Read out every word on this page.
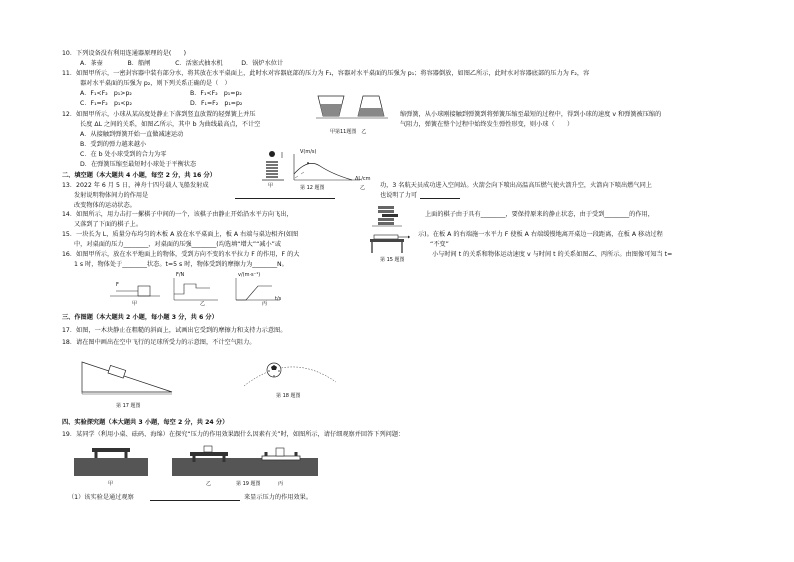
10．下列设备没有利用连通器原理的是(　　)
A．茶壶　　　　B．船闸　　　　C．活塞式抽水机　　　D．锅炉水位计
11．如图甲所示，一密封容器中装有部分水，将其放在水平桌面上，此时水对容器底部的压力为 F₁，容器对水平桌面的压强为 p₁；将容器倒放，如图乙所示，此时水对容器底部的压力为 F₂，容
器对水平桌面的压强为 p₂，则下列关系正确的是（　）
A．F₁<F₂　p₁>p₂	B．F₁<F₂　p₁=p₂
C．F₁=F₂　p₁<p₂	D．F₁=F₂　p₁=p₂
甲第11题图　乙
12．如图甲所示，小球从某高度处静止下落到竖直放置的轻弹簧上并压	缩弹簧，从小球刚接触到弹簧到将弹簧压缩至最短的过程中，得到小球的速度 v 和弹簧被压缩的
长度 ΔL 之间的关系，如图乙所示，其中 b 为曲线最高点，不计空	气阻力，弹簧在整个过程中始终发生弹性形变，则小球（　　）
A．从接触到弹簧开始一直做减速运动
B．受到的弹力越来越小
C．在 b 处小球受到的合力为零
D．在弹簧压缩至最短时小球处于平衡状态
甲
V(m/s)
ΔL/cm
第 12 题图	乙
二、填空题（本大题共 4 小题，每空 2 分，共 16 分）
13．2022 年 6 月 5 日，神舟十四号载人飞船发射成	功，3 名航天员成功进入空间站。火箭会向下喷出高温高压燃气使火箭升空，火箭向下喷出燃气同上
发射说明物体间力的作用是	也说明了力可
改变物体的运动状态。
14．如图所示，用力击打一摞棋子中间的一个，该棋子由静止开始沿水平方向飞出，	上面的棋子由于具有________，要保持原来的静止状态，由于受到________的作用，
又落到了下面的棋子上。
15．一块长为 L，质量分布均匀的木板 A 放在水平桌面上，板 A 右端与桌边相齐(如图	示)。在板 A 的右端施一水平力 F 使板 A 右端缓慢地离开桌边一段距离，在板 A 移动过程
中，对桌面的压力________，对桌面的压强________(均选填“增大”“减小”或	“不变”
第 15 题图
16．如图甲所示，放在水平地面上的物体，受到方向不变的水平拉力 F 的作用，F 的大	小与时间 t 的关系和物体运动速度 v 与时间 t 的关系如图乙、丙所示。由图像可知当 t=
1 s 时，物体处于________状态。t=5 s 时，物体受到的摩擦力为________N。
F
甲
F/N
乙
v/(m·s⁻¹)
t/s
丙
三、作图题（本大题共 2 小题，每小题 3 分，共 6 分）
17．如图，一木块静止在粗糙的斜面上，试画出它受到的摩擦力和支持力示意图。
18．请在图中画出在空中飞行的足球所受力的示意图，不计空气阻力。
第 17 题图
第 18 题图
四、实验探究题（本大题共 3 小题，每空 2 分，共 24 分）
19．某同学（利用小桌、砝码、海绵）在探究“压力的作用效果跟什么因素有关”时，如图所示，请仔细观察并回答下列问题：
甲	乙	第 19 题图	丙
（1）该实验是通过观察	来显示压力的作用效果。
